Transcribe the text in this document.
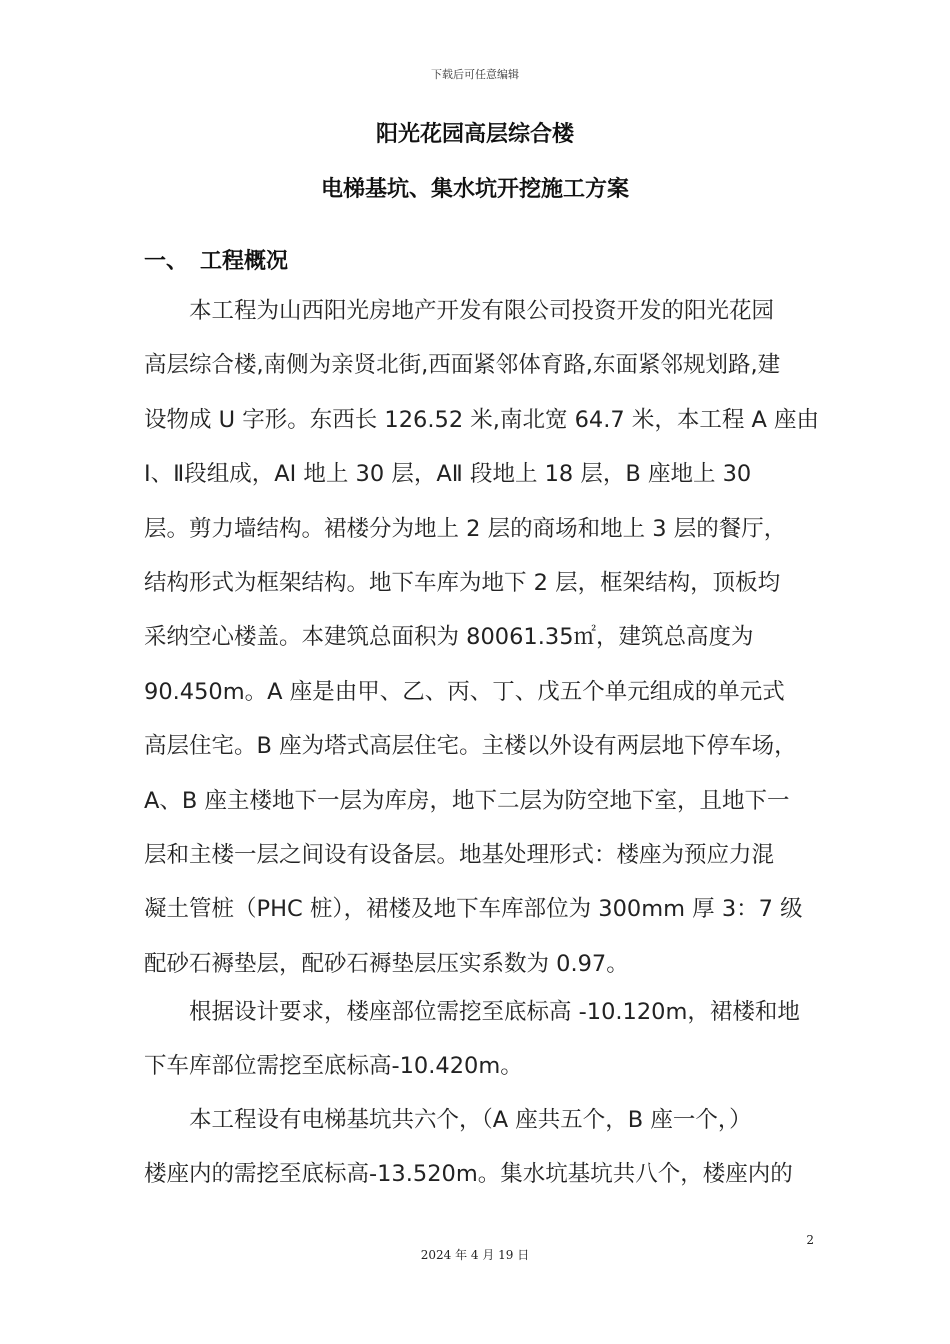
下载后可任意编辑
阳光花园高层综合楼
电梯基坑、集水坑开挖施工方案
一、 工程概况
本工程为山西阳光房地产开发有限公司投资开发的阳光花园
高层综合楼,南侧为亲贤北街,西面紧邻体育路,东面紧邻规划路,建
设物成 U 字形。东西长 126.52 米,南北宽 64.7 米，本工程 A 座由
Ⅰ、Ⅱ段组成，AⅠ 地上 30 层，AⅡ 段地上 18 层，B 座地上 30
层。剪力墙结构。裙楼分为地上 2 层的商场和地上 3 层的餐厅，
结构形式为框架结构。地下车库为地下 2 层，框架结构，顶板均
采纳空心楼盖。本建筑总面积为 80061.35㎡，建筑总高度为
90.450m。A 座是由甲、乙、丙、丁、戊五个单元组成的单元式
高层住宅。B 座为塔式高层住宅。主楼以外设有两层地下停车场，
A、B 座主楼地下一层为库房，地下二层为防空地下室，且地下一
层和主楼一层之间设有设备层。地基处理形式：楼座为预应力混
凝土管桩（PHC 桩），裙楼及地下车库部位为 300mm 厚 3：7 级
配砂石褥垫层，配砂石褥垫层压实系数为 0.97。
根据设计要求，楼座部位需挖至底标高 -10.120m，裙楼和地
下车库部位需挖至底标高-10.420m。
本工程设有电梯基坑共六个，（A 座共五个，B 座一个，）
楼座内的需挖至底标高-13.520m。集水坑基坑共八个，楼座内的
2
2024 年 4 月 19 日
